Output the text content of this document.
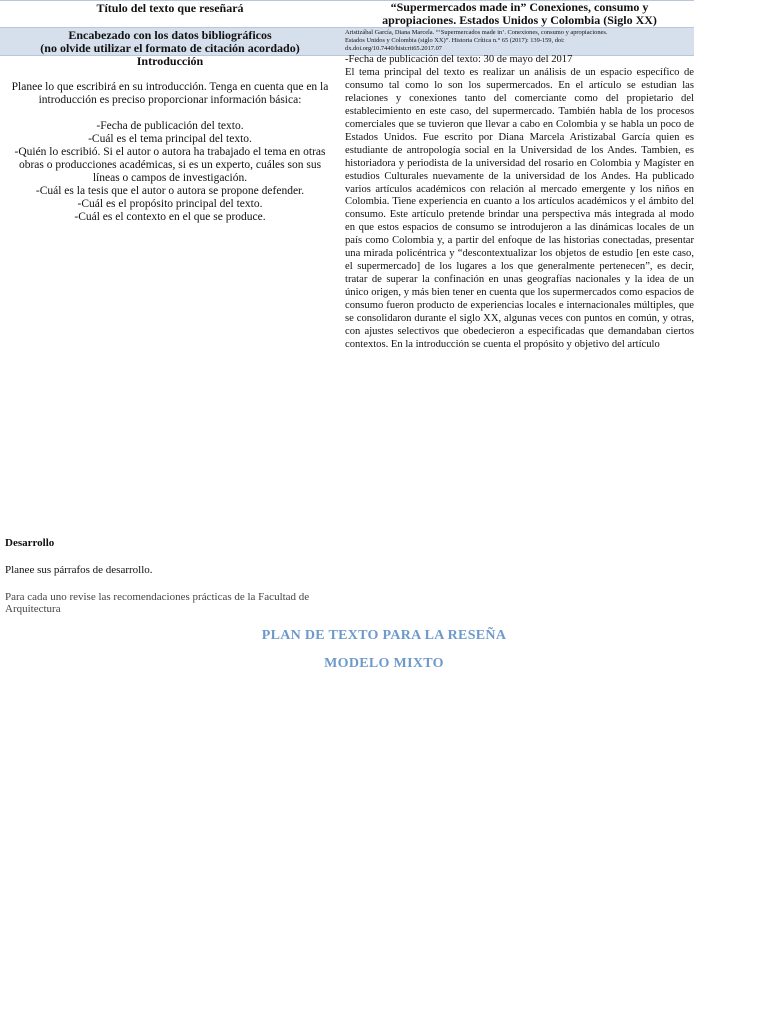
Título del texto que reseñará	“Supermercados made in” Conexiones, consumo y
apropiaciones. Estados Unidos y Colombia (Siglo XX)
Encabezado con los datos bibliográficos
(no olvide utilizar el formato de citación acordado)
Aristizábal García, Diana Marcela. “‘Supermercados made in’. Conexiones, consumo y apropiaciones.
Estados Unidos y Colombia (siglo XX)”. Historia Crítica n.° 65 (2017): 139-159, doi:
dx.doi.org/10.7440/histcrit65.2017.07
Introducción
Planee lo que escribirá en su introducción. Tenga en cuenta que en la introducción es preciso proporcionar información básica:
-Fecha de publicación del texto.
-Cuál es el tema principal del texto.
-Quién lo escribió. Si el autor o autora ha trabajado el tema en otras obras o producciones académicas, si es un experto, cuáles son sus líneas o campos de investigación.
-Cuál es la tesis que el autor o autora se propone defender.
-Cuál es el propósito principal del texto.
-Cuál es el contexto en el que se produce.

-Fecha de publicación del texto: 30 de mayo del 2017

El tema principal del texto es realizar un análisis de un espacio específico de consumo tal como lo son los supermercados. En el artículo se estudian las relaciones y conexiones tanto del comerciante como del propietario del establecimiento en este caso, del supermercado. También habla de los procesos comerciales que se tuvieron que llevar a cabo en Colombia y se habla un poco de Estados Unidos. Fue escrito por Diana Marcela Aristizabal García quien es estudiante de antropología social en la Universidad de los Andes. Tambien, es historiadora y periodista de la universidad del rosario en Colombia y Magíster en estudios Culturales nuevamente de la universidad de los Andes. Ha publicado varios artículos académicos con relación al mercado emergente y los niños en Colombia. Tiene experiencia en cuanto a los artículos académicos y el ámbito del consumo. Este artículo pretende brindar una perspectiva más integrada al modo en que estos espacios de consumo se introdujeron a las dinámicas locales de un país como Colombia y, a partir del enfoque de las historias conectadas, presentar una mirada policéntrica y “descontextualizar los objetos de estudio [en este caso, el supermercado] de los lugares a los que generalmente pertenecen”, es decir, tratar de superar la confinación en unas geografías nacionales y la idea de un único origen, y más bien tener en cuenta que los supermercados como espacios de consumo fueron producto de experiencias locales e internacionales múltiples, que se consolidaron durante el siglo XX, algunas veces con puntos en común, y otras, con ajustes selectivos que obedecieron a especificadas que demandaban ciertos contextos. En la introducción se cuenta el propósito y objetivo del artículo

Desarrollo
Planee sus párrafos de desarrollo.
Para cada uno revise las recomendaciones prácticas de la Facultad de Arquitectura
PLAN DE TEXTO PARA LA RESEÑA
MODELO MIXTO
